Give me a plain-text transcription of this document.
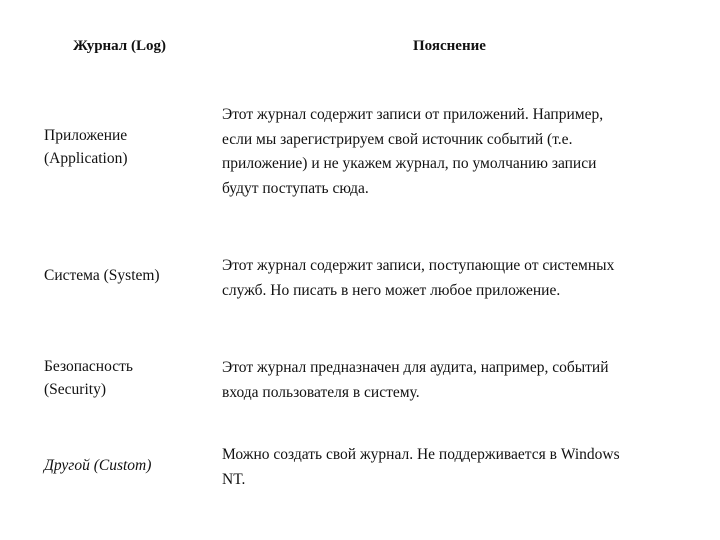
Журнал (Log)	Пояснение
Приложение
(Application)
Этот журнал содержит записи от приложений. Например,
если мы зарегистрируем свой источник событий (т.е.
приложение) и не укажем журнал, по умолчанию записи
будут поступать сюда.
Система (System)
Этот журнал содержит записи, поступающие от системных
служб. Но писать в него может любое приложение.
Безопасность
(Security)
Этот журнал предназначен для аудита, например, событий
входа пользователя в систему.
Другой (Custom)
Можно создать свой журнал. Не поддерживается в Windows
NT.
